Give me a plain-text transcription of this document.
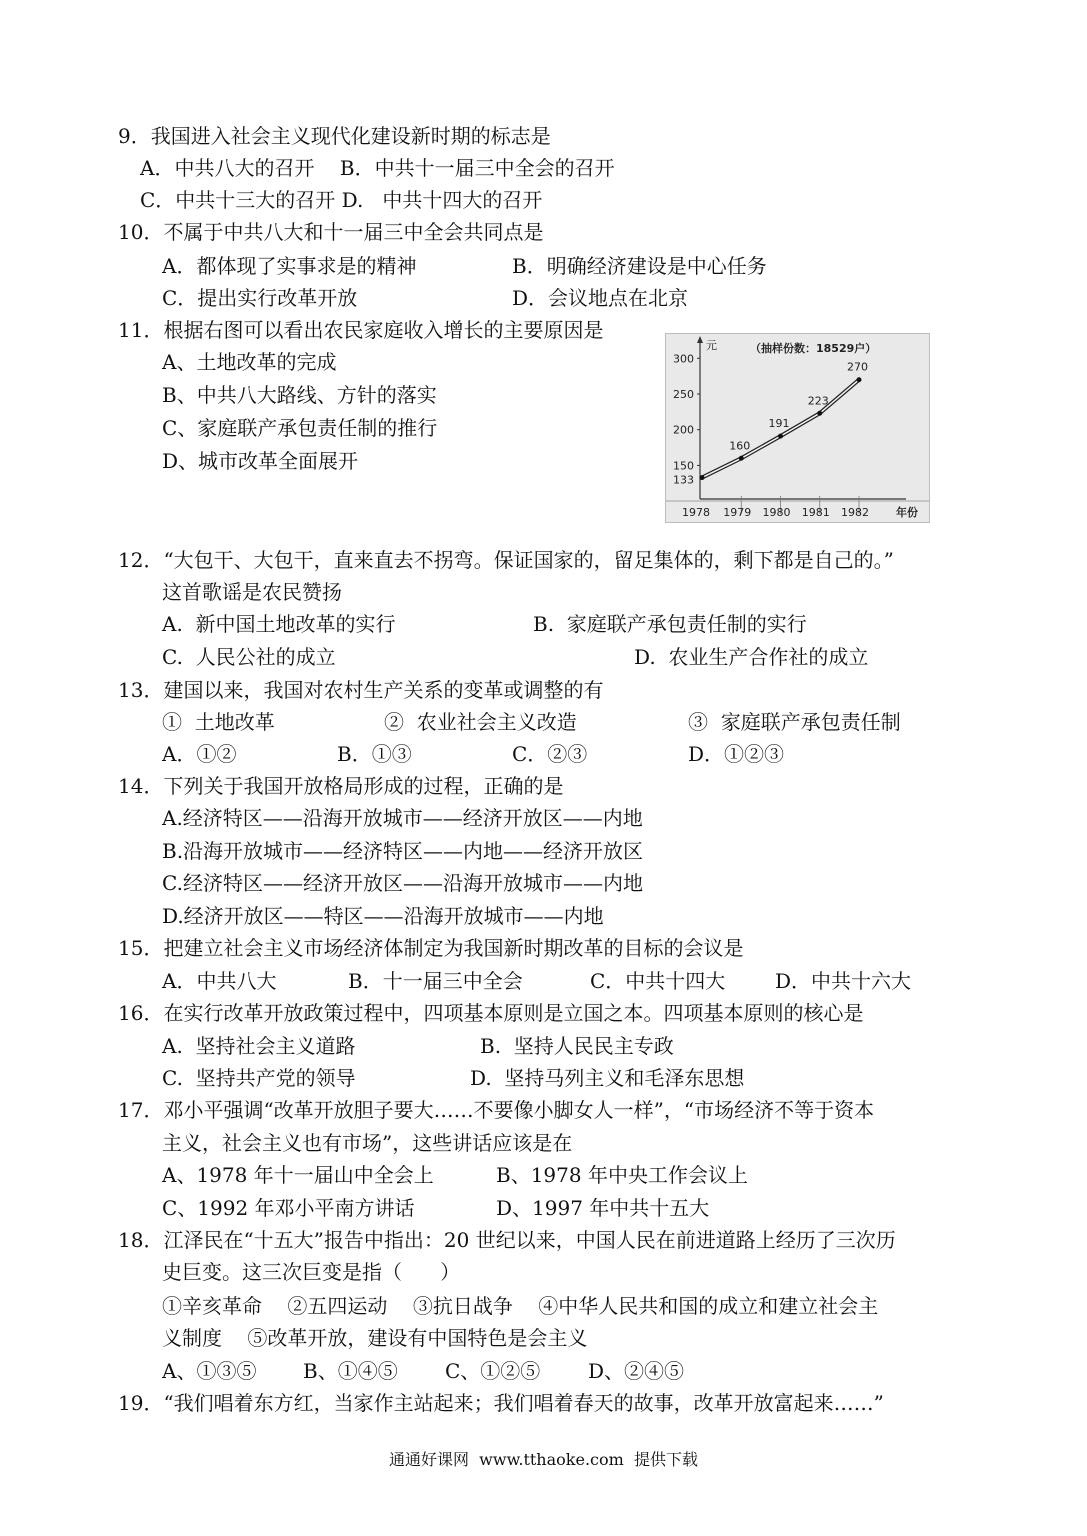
9．我国进入社会主义现代化建设新时期的标志是
A．中共八大的召开    B．中共十一届三中全会的召开
C．中共十三大的召开 D.   中共十四大的召开
10．不属于中共八大和十一届三中全会共同点是
A．都体现了实事求是的精神	B．明确经济建设是中心任务
C．提出实行改革开放	D．会议地点在北京
11．根据右图可以看出农民家庭收入增长的主要原因是
A、土地改革的完成
B、中共八大路线、方针的落实
C、家庭联产承包责任制的推行
D、城市改革全面展开
元	（抽样份数：18529户）
年份
150
200
250
300
133
1978 1979 1980 1981 1982
160
191
223
270
12．“大包干、大包干，直来直去不拐弯。保证国家的，留足集体的，剩下都是自己的。”
这首歌谣是农民赞扬
A.  新中国土地改革的实行	B.  家庭联产承包责任制的实行
C.  人民公社的成立	D.  农业生产合作社的成立
13．建国以来，我国对农村生产关系的变革或调整的有
①  土地改革	②  农业社会主义改造	③  家庭联产承包责任制
A．①②	B．①③	C．②③	D．①②③
14．下列关于我国开放格局形成的过程，正确的是
A.经济特区——沿海开放城市——经济开放区——内地
B.沿海开放城市——经济特区——内地——经济开放区
C.经济特区——经济开放区——沿海开放城市——内地
D.经济开放区——特区——沿海开放城市——内地
15．把建立社会主义市场经济体制定为我国新时期改革的目标的会议是
A．中共八大	B．十一届三中全会	C．中共十四大 D．中共十六大
16．在实行改革开放政策过程中，四项基本原则是立国之本。四项基本原则的核心是
A.  坚持社会主义道路	B.  坚持人民民主专政
C.  坚持共产党的领导	D.  坚持马列主义和毛泽东思想
17．邓小平强调“改革开放胆子要大……不要像小脚女人一样”，“市场经济不等于资本
主义，社会主义也有市场”，这些讲话应该是在
A、1978 年十一届山中全会上	B、1978 年中央工作会议上
C、1992 年邓小平南方讲话	D、1997 年中共十五大
18．江泽民在“十五大”报告中指出：20 世纪以来，中国人民在前进道路上经历了三次历
史巨变。这三次巨变是指（      ）
①辛亥革命    ②五四运动    ③抗日战争    ④中华人民共和国的成立和建立社会主
义制度    ⑤改革开放，建设有中国特色是会主义
A、①③⑤ B、①④⑤ C、①②⑤ D、②④⑤
19．“我们唱着东方红，当家作主站起来；我们唱着春天的故事，改革开放富起来……”
通通好课网  www.tthaoke.com  提供下载
